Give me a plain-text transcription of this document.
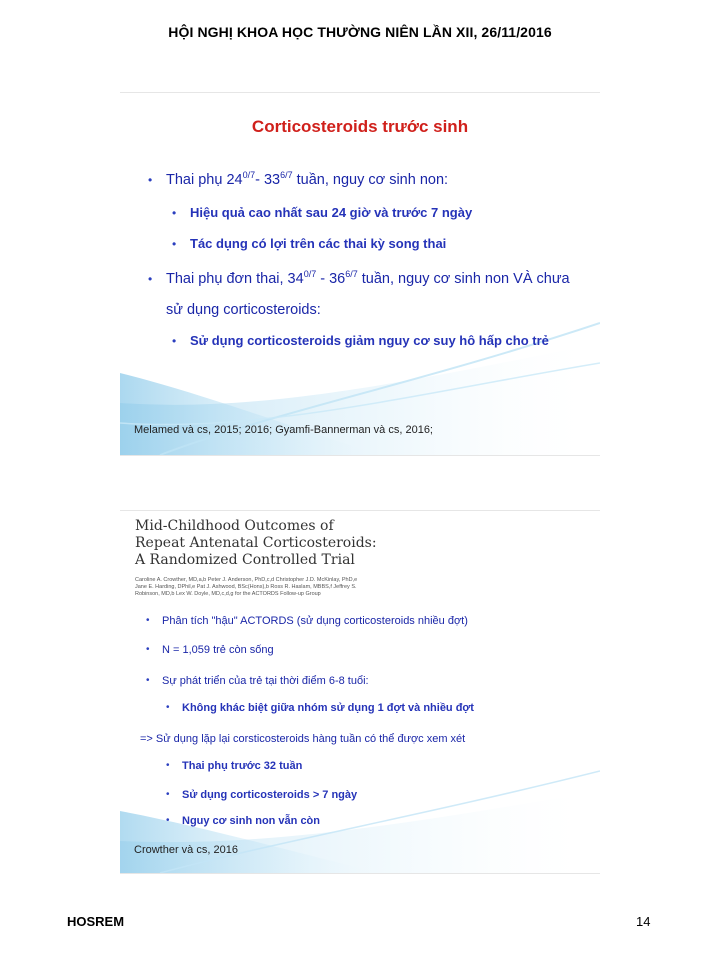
HỘI NGHỊ KHOA HỌC THƯỜNG NIÊN LẦN XII, 26/11/2016
Corticosteroids trước sinh
• Thai phụ $24^{0/7}-$ $33^{6/7}$ tuần, nguy cơ sinh non:
•	Hiệu quả cao nhất sau 24 giờ và trước 7 ngày
•	Tác dụng có lợi trên các thai kỳ song thai
• Thai phụ đơn thai, $34^{0/7} - 36^{6/7}$ tuần, nguy cơ sinh non VÀ chưa
sử dụng corticosteroids:
•	Sử dụng corticosteroids giảm nguy cơ suy hô hấp cho trẻ
Melamed và cs, 2015; 2016; Gyamfi-Bannerman và cs, 2016;
Mid-Childhood Outcomes of
Repeat Antenatal Corticosteroids:
A Randomized Controlled Trial
Caroline A. Crowther, MD,a,b Peter J. Anderson, PhD,c,d Christopher J.D. McKinlay, PhD,e
Jane E. Harding, DPhil,e Pat J. Ashwood, BSc(Hons),b Ross R. Haslam, MBBS,f Jeffrey S.
Robinson, MD,b Lex W. Doyle, MD,c,d,g for the ACTORDS Follow-up Group
•	Phân tích "hậu" ACTORDS (sử dụng corticosteroids nhiều đợt)
•	N = 1,059 trẻ còn sống
•	Sự phát triển của trẻ tại thời điểm 6-8 tuổi:
•	Không khác biệt giữa nhóm sử dụng 1 đợt và nhiều đợt
=> Sử dụng lặp lại corsticosteroids hàng tuần có thể được xem xét
•	Thai phụ trước 32 tuần
•	Sử dụng corticosteroids > 7 ngày
•	Nguy cơ sinh non vẫn còn
Crowther và cs, 2016
HOSREM	14
